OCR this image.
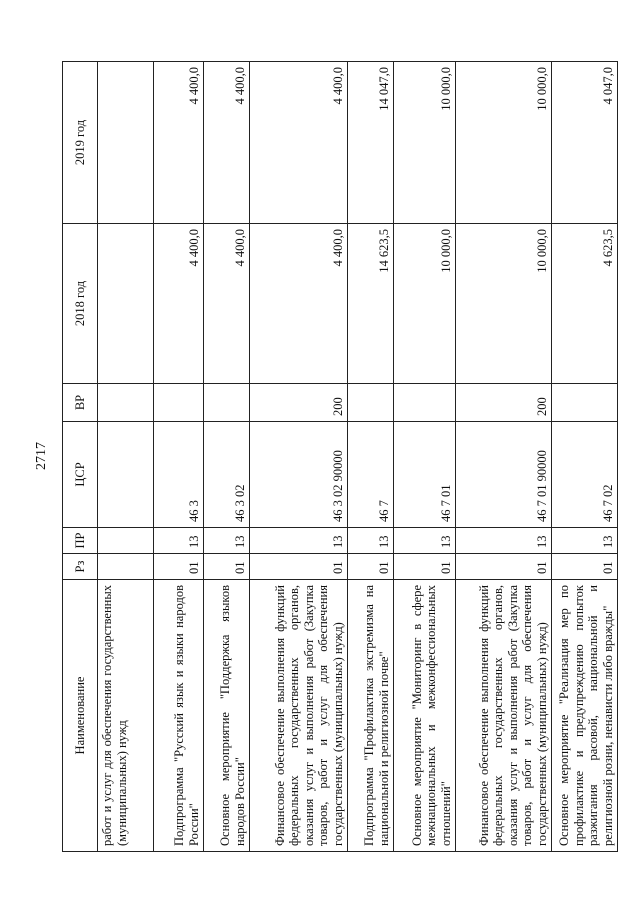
2717
Наименование	Рз	ПР	ЦСР	ВР	2018 год	2019 год
работ и услуг для обеспечения государственных (муниципальных) нужд						
Подпрограмма "Русский язык и языки народов России"	01	13	46 3		4 400,0	4 400,0
Основное мероприятие "Поддержка языков народов России"	01	13	46 3 02		4 400,0	4 400,0
Финансовое обеспечение выполнения функций федеральных государственных органов, оказания услуг и выполнения работ (Закупка товаров, работ и услуг для обеспечения государственных (муниципальных) нужд)	01	13	46 3 02 90000	200	4 400,0	4 400,0
Подпрограмма "Профилактика экстремизма на национальной и религиозной почве"	01	13	46 7		14 623,5	14 047,0
Основное мероприятие "Мониторинг в сфере межнациональных и межконфессиональных отношений"	01	13	46 7 01		10 000,0	10 000,0
Финансовое обеспечение выполнения функций федеральных государственных органов, оказания услуг и выполнения работ (Закупка товаров, работ и услуг для обеспечения государственных (муниципальных) нужд)	01	13	46 7 01 90000	200	10 000,0	10 000,0
Основное мероприятие "Реализация мер по профилактике и предупреждению попыток разжигания расовой, национальной и религиозной розни, ненависти либо вражды"	01	13	46 7 02		4 623,5	4 047,0
